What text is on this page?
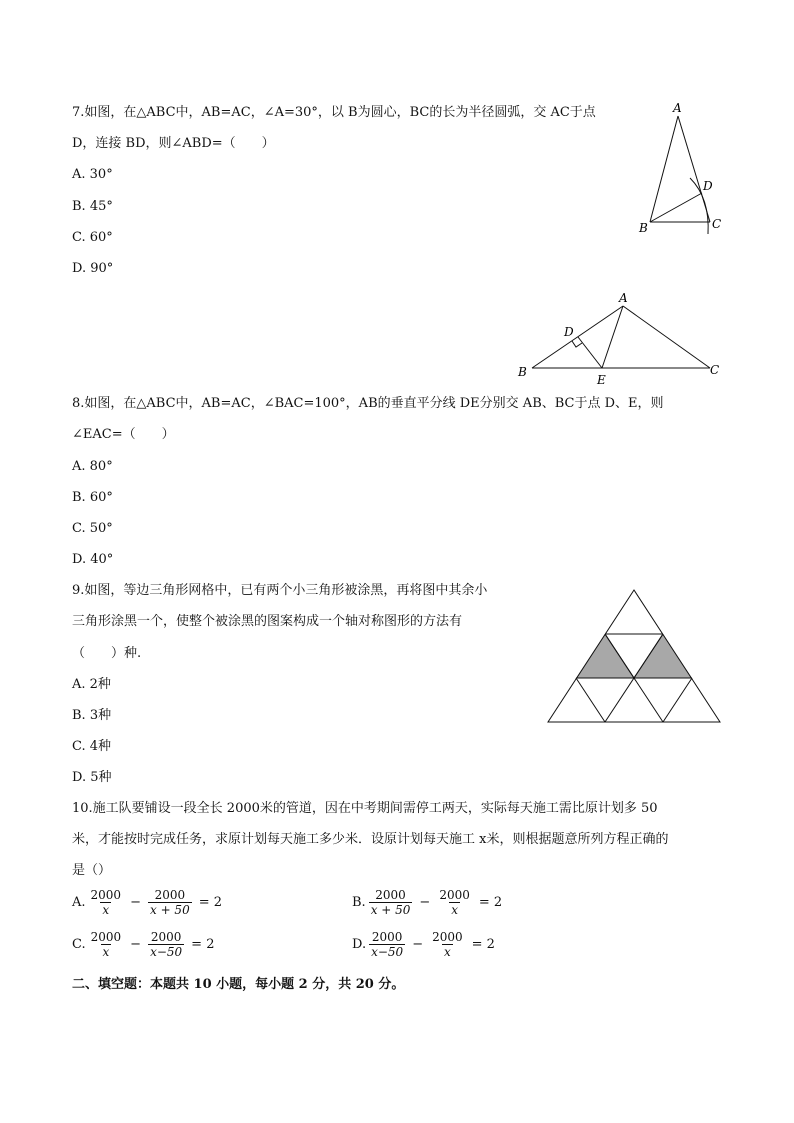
7.如图，在△ABC中，AB=AC，∠A=30°，以 B为圆心，BC的长为半径圆弧，交 AC于点
D，连接 BD，则∠ABD=（　　）
A. 30°
B. 45°
C. 60°
D. 90°
A
B	C
D
A
B	C
D
E
8.如图，在△ABC中，AB=AC，∠BAC=100°，AB的垂直平分线 DE分别交 AB、BC于点 D、E，则
∠EAC=（　　）
A. 80°
B. 60°
C. 50°
D. 40°
9.如图，等边三角形网格中，已有两个小三角形被涂黑，再将图中其余小
三角形涂黑一个，使整个被涂黑的图案构成一个轴对称图形的方法有
（　　）种.
A. 2种
B. 3种
C. 4种
D. 5种
10.施工队要铺设一段全长 2000米的管道，因在中考期间需停工两天，实际每天施工需比原计划多 50
米，才能按时完成任务，求原计划每天施工多少米．设原计划每天施工 x米，则根据题意所列方程正确的
是（）
A. $\frac{2000}{x} - \frac{2000}{x + 50} = 2$	B. $\frac{2000}{x + 50} - \frac{2000}{x} = 2$
C. $\frac{2000}{x} - \frac{2000}{x-50} = 2$	D. $\frac{2000}{x-50} - \frac{2000}{x} = 2$
二、填空题：本题共 10 小题，每小题 2 分，共 20 分。
